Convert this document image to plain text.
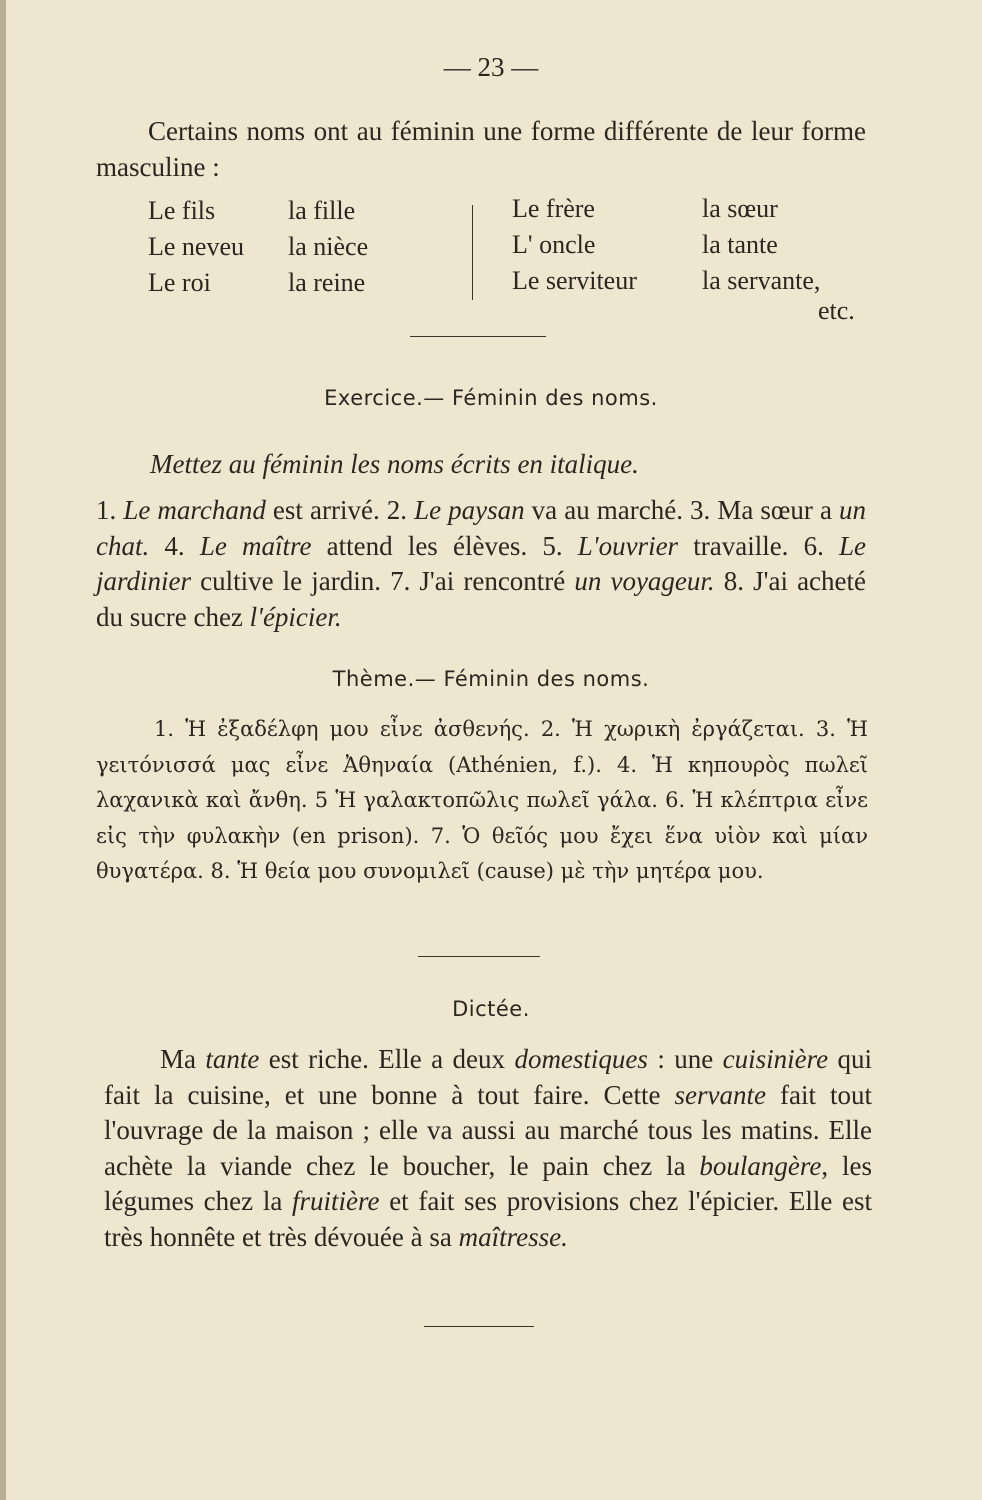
— 23 —
Certains noms ont au féminin une forme différente de leur forme masculine :
Le fils
Le neveu
Le roi
la fille
la nièce
la reine
Le frère
L' oncle
Le serviteur
la sœur
la tante
la servante,
etc.
Exercice.— Féminin des noms.
Mettez au féminin les noms écrits en italique.
1. Le marchand est arrivé. 2. Le paysan va au marché. 3. Ma sœur a un chat. 4. Le maître attend les élèves. 5. L'ouvrier travaille. 6. Le jardinier cultive le jardin. 7. J'ai rencontré un voyageur. 8. J'ai acheté du sucre chez l'épicier.
Thème.— Féminin des noms.
1. Ἡ ἐξαδέλφη μου εἶνε ἀσθενής. 2. Ἡ χωρικὴ ἐργάζεται. 3. Ἡ γειτόνισσά μας εἶνε Ἀθηναία (Athénien, f.). 4. Ἡ κηπουρὸς πωλεῖ λαχανικὰ καὶ ἄνθη. 5 Ἡ γαλακτοπῶλις πωλεῖ γάλα. 6. Ἡ κλέπτρια εἶνε εἰς τὴν φυλακὴν (en prison). 7. Ὁ θεῖός μου ἔχει ἕνα υἱὸν καὶ μίαν θυγατέρα. 8. Ἡ θεία μου συνομιλεῖ (cause) μὲ τὴν μητέρα μου.
Dictée.
Ma tante est riche. Elle a deux domestiques : une cuisinière qui fait la cuisine, et une bonne à tout faire. Cette servante fait tout l'ouvrage de la maison ; elle va aussi au marché tous les matins. Elle achète la viande chez le boucher, le pain chez la boulangère, les légumes chez la fruitière et fait ses provisions chez l'épicier. Elle est très honnête et très dévouée à sa maîtresse.
